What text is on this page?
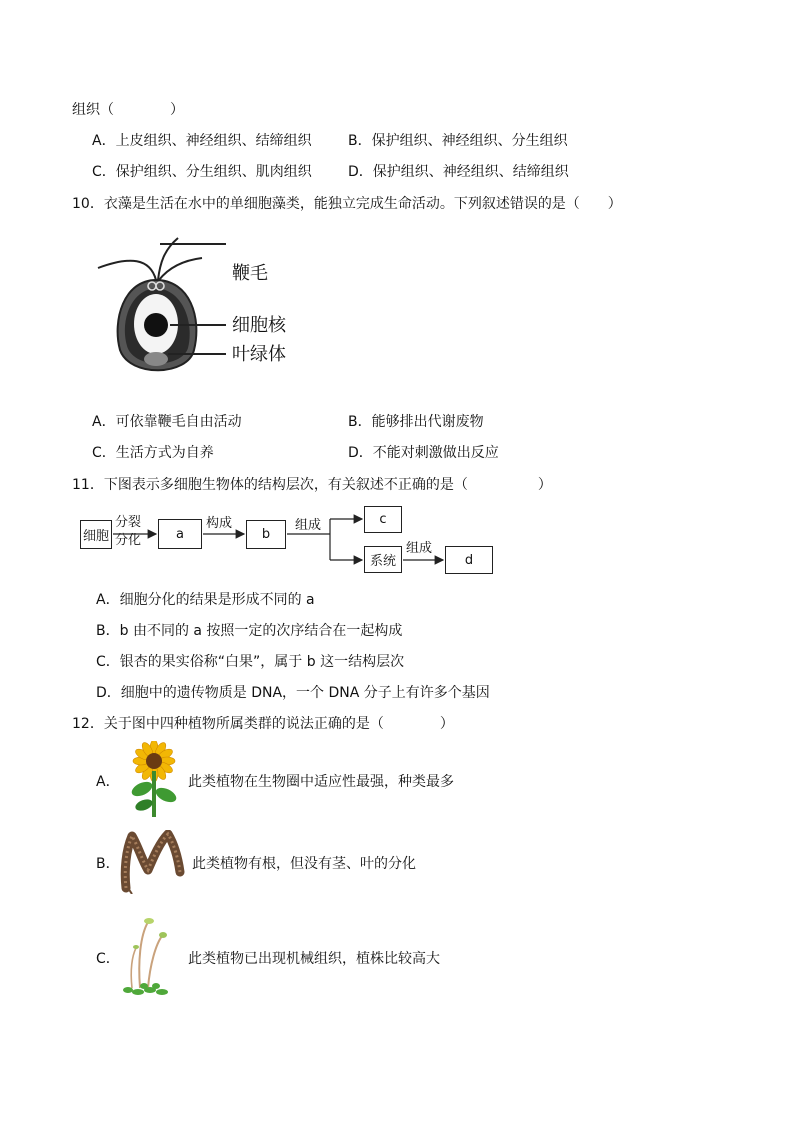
组织（　　　　）
A．上皮组织、神经组织、结缔组织	B．保护组织、神经组织、分生组织
C．保护组织、分生组织、肌肉组织	D．保护组织、神经组织、结缔组织
10．衣藻是生活在水中的单细胞藻类，能独立完成生命活动。下列叙述错误的是（　　）
鞭毛
细胞核
叶绿体
A．可依靠鞭毛自由活动	B．能够排出代谢废物
C．生活方式为自养	D．不能对刺激做出反应
11．下图表示多细胞生物体的结构层次，有关叙述不正确的是（　　　　　）
细胞
分裂
分化	a
构成
b
组成	c
系统
组成
d
A．细胞分化的结果是形成不同的 a
B．b 由不同的 a 按照一定的次序结合在一起构成
C．银杏的果实俗称“白果”，属于 b 这一结构层次
D．细胞中的遗传物质是 DNA，一个 DNA 分子上有许多个基因
12．关于图中四种植物所属类群的说法正确的是（　　　　）
A．	此类植物在生物圈中适应性最强，种类最多
B．	此类植物有根，但没有茎、叶的分化
C．	此类植物已出现机械组织，植株比较高大
